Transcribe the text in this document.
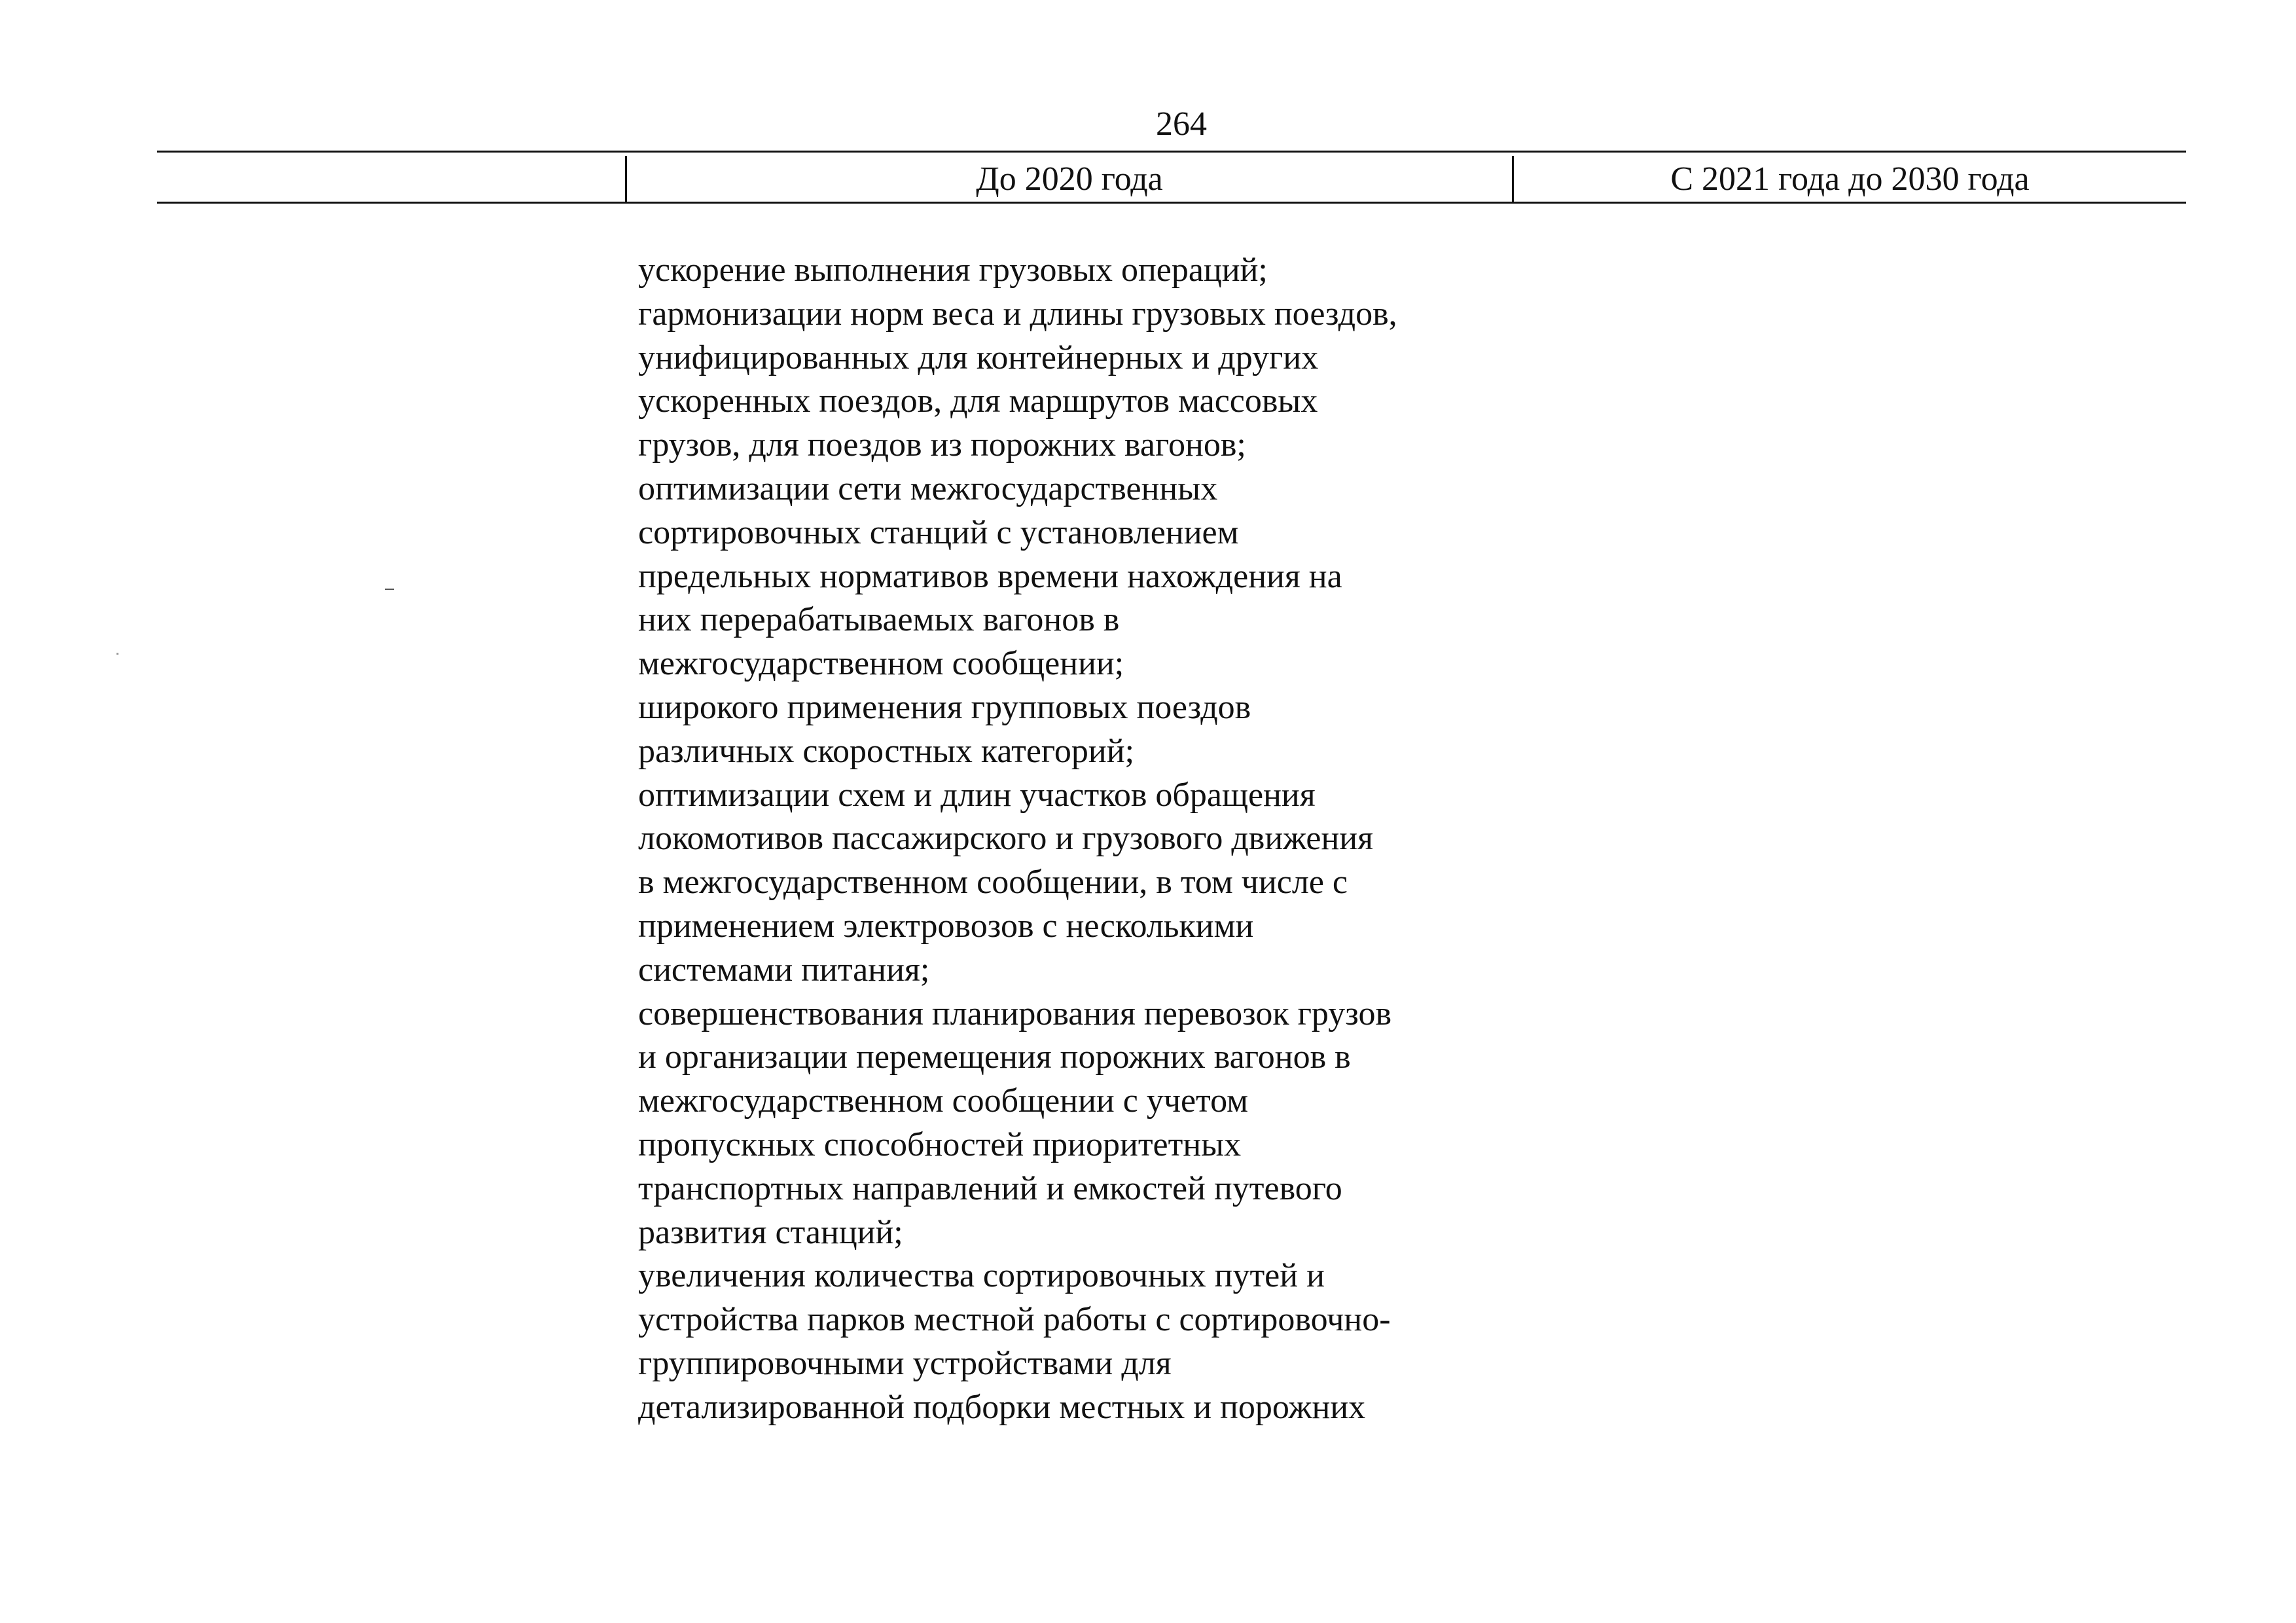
264
До 2020 года	С 2021 года до 2030 года
ускорение выполнения грузовых операций;
гармонизации норм веса и длины грузовых поездов,
унифицированных для контейнерных и других
ускоренных поездов, для маршрутов массовых
грузов, для поездов из порожних вагонов;
оптимизации сети межгосударственных
сортировочных станций с установлением
предельных нормативов времени нахождения на
них перерабатываемых вагонов в
межгосударственном сообщении;
широкого применения групповых поездов
различных скоростных категорий;
оптимизации схем и длин участков обращения
локомотивов пассажирского и грузового движения
в межгосударственном сообщении, в том числе с
применением электровозов с несколькими
системами питания;
совершенствования планирования перевозок грузов
и организации перемещения порожних вагонов в
межгосударственном сообщении с учетом
пропускных способностей приоритетных
транспортных направлений и емкостей путевого
развития станций;
увеличения количества сортировочных путей и
устройства парков местной работы с сортировочно-
группировочными устройствами для
детализированной подборки местных и порожних
